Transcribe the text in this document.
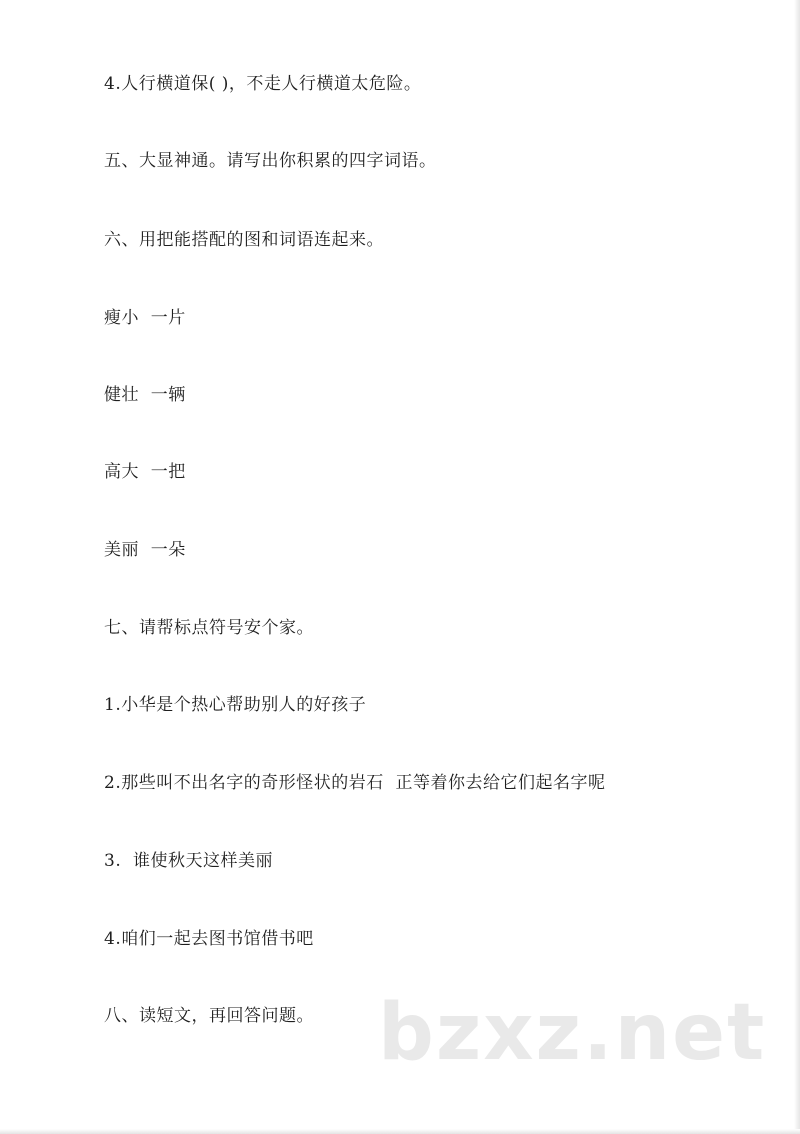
4.人行横道保( )，不走人行横道太危险。
五、大显神通。请写出你积累的四字词语。
六、用把能搭配的图和词语连起来。
瘦小  一片
健壮  一辆
高大  一把
美丽  一朵
七、请帮标点符号安个家。
1.小华是个热心帮助别人的好孩子
2.那些叫不出名字的奇形怪状的岩石  正等着你去给它们起名字呢
3.  谁使秋天这样美丽
4.咱们一起去图书馆借书吧
八、读短文，再回答问题。 bzxz.net
